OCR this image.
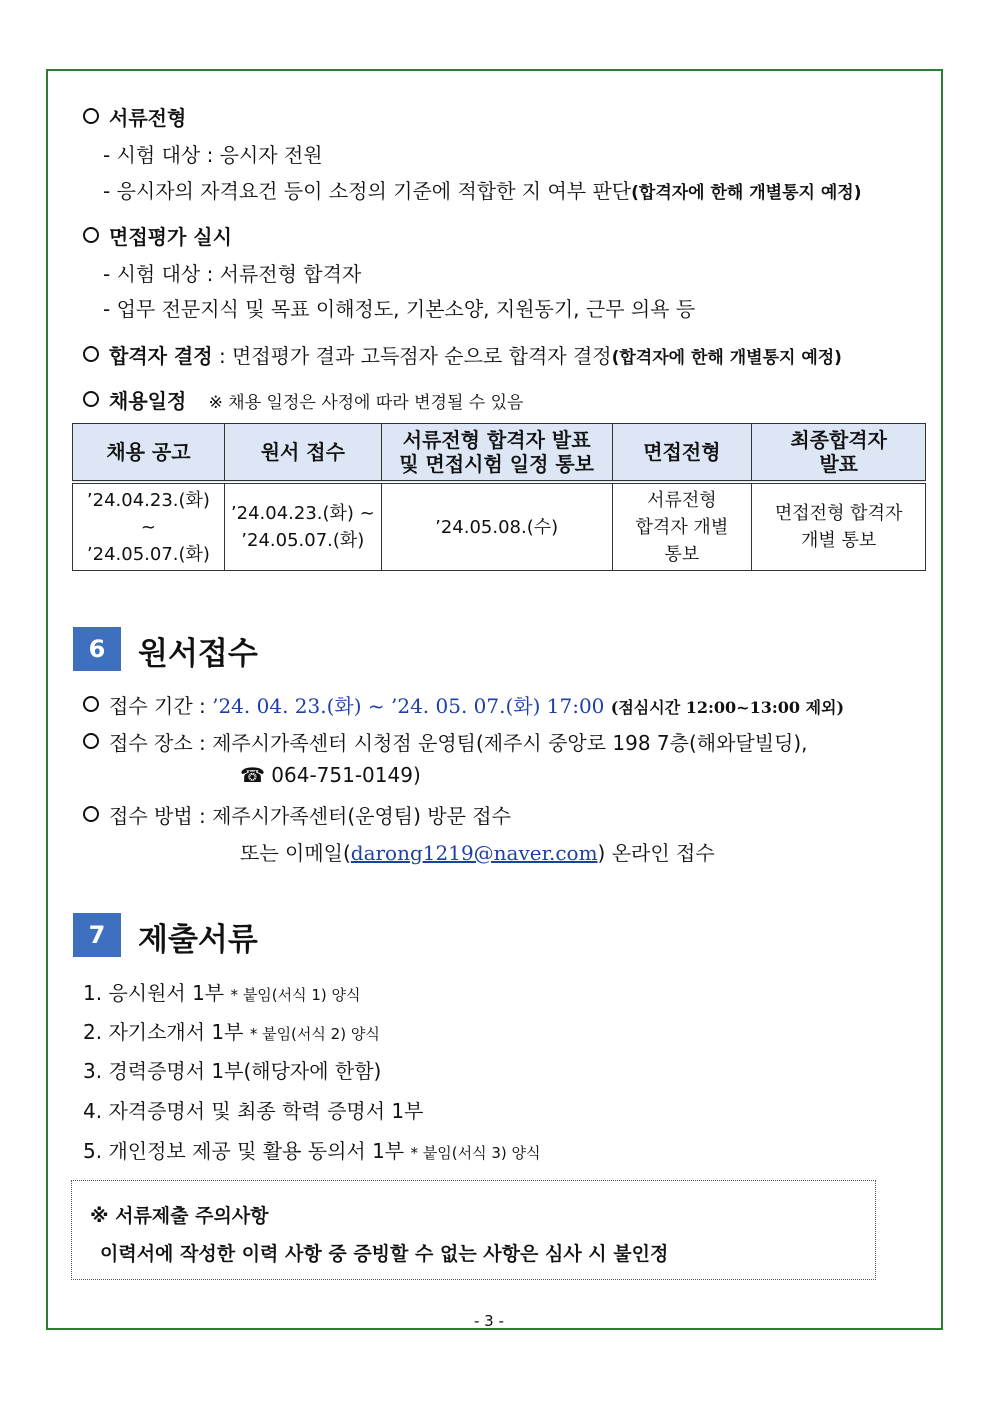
서류전형
- 시험 대상 : 응시자 전원
- 응시자의 자격요건 등이 소정의 기준에 적합한 지 여부 판단(합격자에 한해 개별통지 예정)
면접평가 실시
- 시험 대상 : 서류전형 합격자
- 업무 전문지식 및 목표 이해정도, 기본소양, 지원동기, 근무 의욕 등
합격자 결정 : 면접평가 결과 고득점자 순으로 합격자 결정(합격자에 한해 개별통지 예정)
채용일정 ※ 채용 일정은 사정에 따라 변경될 수 있음
채용 공고	원서 접수	서류전형 합격자 발표
및 면접시험 일정 통보	면접전형	최종합격자
발표
’24.04.23.(화) ~
’24.05.07.(화)	’24.04.23.(화) ~
’24.05.07.(화)	’24.05.08.(수)	서류전형
합격자 개별
통보	면접전형 합격자
개별 통보
6	원서접수
접수 기간 : ’24. 04. 23.(화) ~ ’24. 05. 07.(화) 17:00 (점심시간 12:00~13:00 제외)
접수 장소 : 제주시가족센터 시청점 운영팀(제주시 중앙로 198 7층(해와달빌딩),
☎ 064-751-0149)
접수 방법 : 제주시가족센터(운영팀) 방문 접수
또는 이메일(darong1219@naver.com) 온라인 접수
7	제출서류
1. 응시원서 1부 * 붙임(서식 1) 양식
2. 자기소개서 1부 * 붙임(서식 2) 양식
3. 경력증명서 1부(해당자에 한함)
4. 자격증명서 및 최종 학력 증명서 1부
5. 개인정보 제공 및 활용 동의서 1부 * 붙임(서식 3) 양식
※ 서류제출 주의사항
이력서에 작성한 이력 사항 중 증빙할 수 없는 사항은 심사 시 불인정
- 3 -
